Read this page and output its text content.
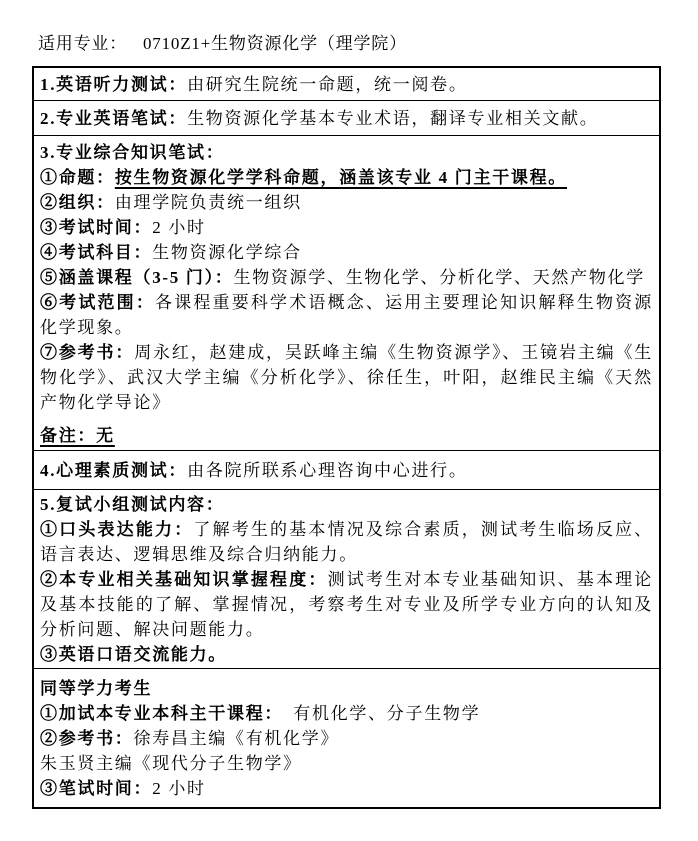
适用专业： 0710Z1+生物资源化学（理学院）

1.英语听力测试：由研究生院统一命题，统一阅卷。

2.专业英语笔试：生物资源化学基本专业术语，翻译专业相关文献。

3.专业综合知识笔试：

①命题：按生物资源化学学科命题，涵盖该专业 4 门主干课程。

②组织：由理学院负责统一组织

③考试时间：2 小时

④考试科目：生物资源化学综合

⑤涵盖课程（3-5 门）：生物资源学、生物化学、分析化学、天然产物化学

⑥考试范围：各课程重要科学术语概念、运用主要理论知识解释生物资源化学现象。

⑦参考书：周永红，赵建成，吴跃峰主编《生物资源学》、王镜岩主编《生物化学》、武汉大学主编《分析化学》、徐任生，叶阳，赵维民主编《天然产物化学导论》

备注：无

4.心理素质测试：由各院所联系心理咨询中心进行。

5.复试小组测试内容：

①口头表达能力：了解考生的基本情况及综合素质，测试考生临场反应、语言表达、逻辑思维及综合归纳能力。

②本专业相关基础知识掌握程度：测试考生对本专业基础知识、基本理论及基本技能的了解、掌握情况，考察考生对专业及所学专业方向的认知及分析问题、解决问题能力。

③英语口语交流能力。

同等学力考生

①加试本专业本科主干课程：　有机化学、分子生物学

②参考书：徐寿昌主编《有机化学》

朱玉贤主编《现代分子生物学》

③笔试时间：2 小时
